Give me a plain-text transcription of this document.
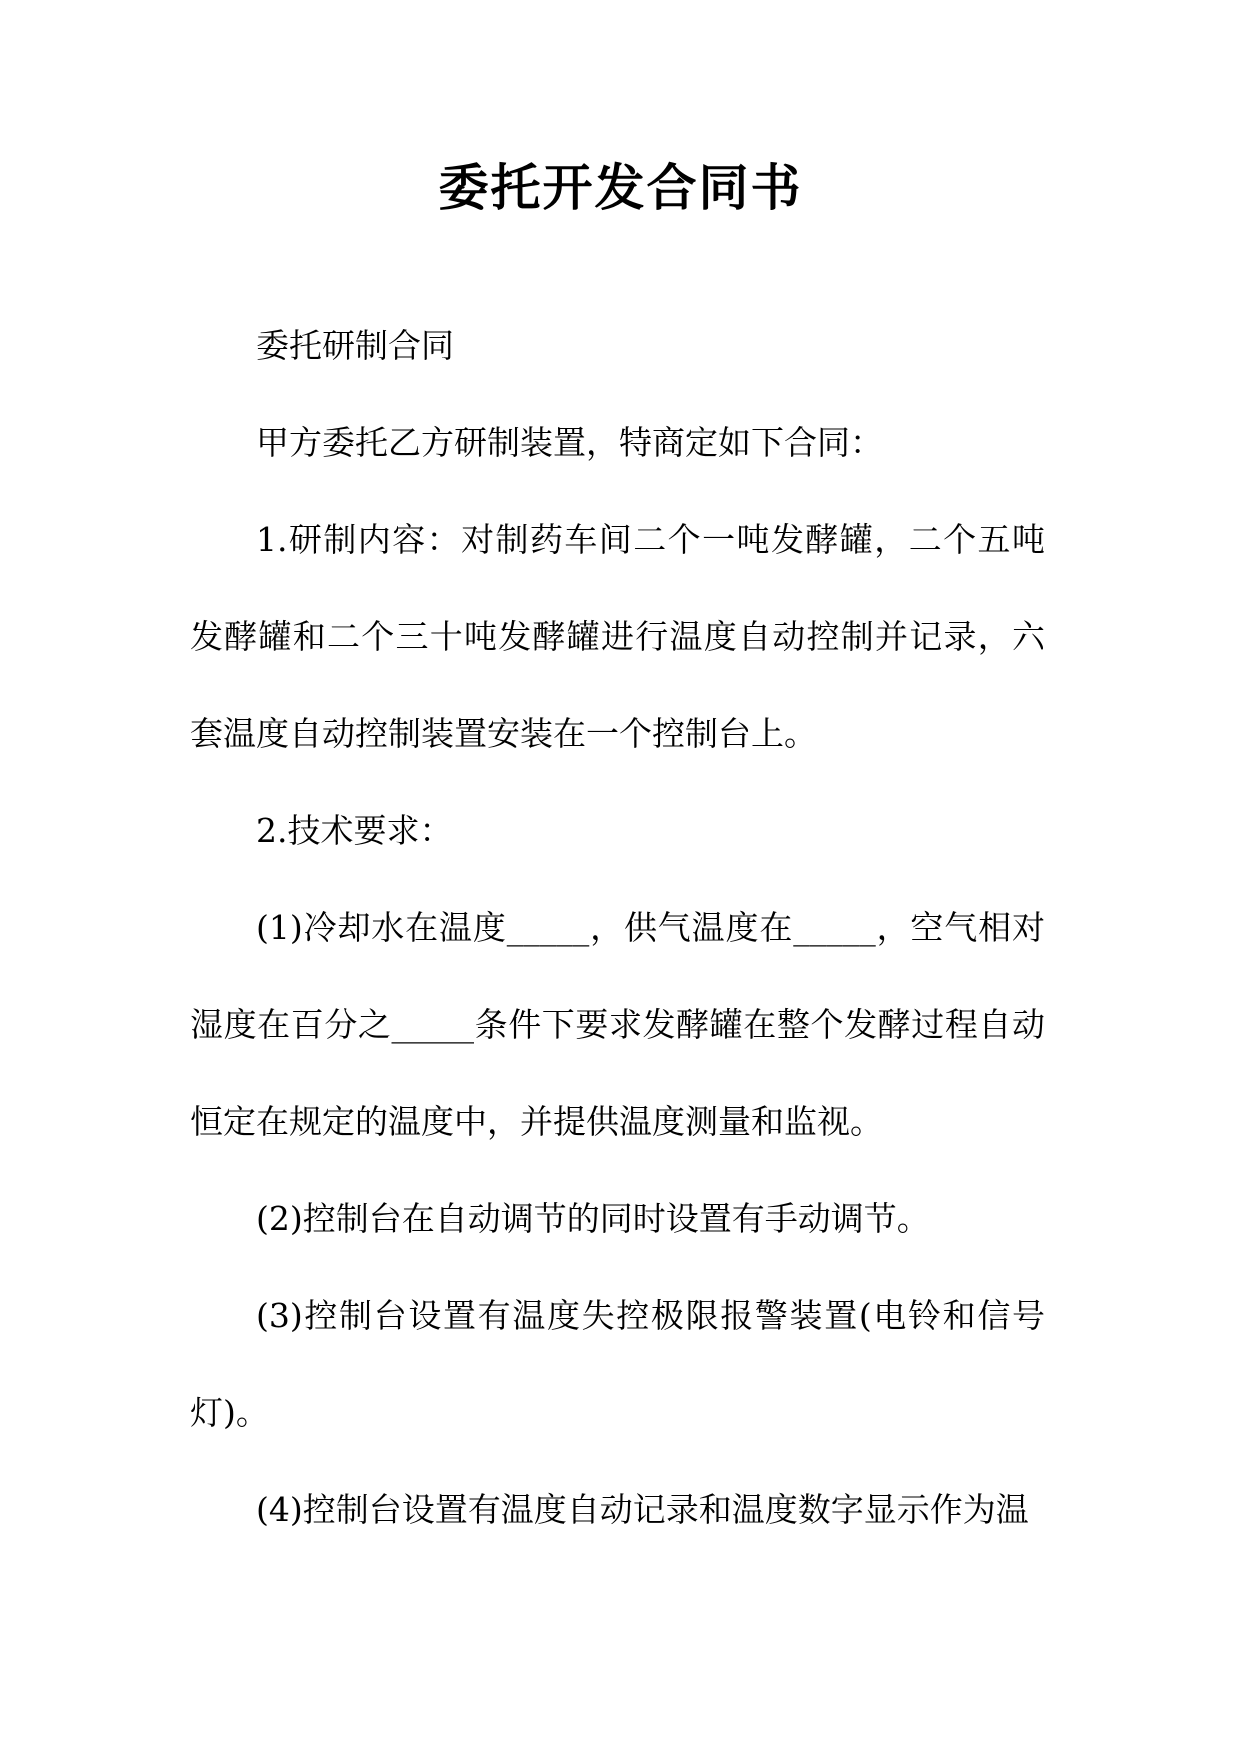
委托开发合同书

委托研制合同

甲方委托乙方研制装置，特商定如下合同：

1.研制内容：对制药车间二个一吨发酵罐，二个五吨发酵罐和二个三十吨发酵罐进行温度自动控制并记录，六套温度自动控制装置安装在一个控制台上。

2.技术要求：

(1)冷却水在温度_____，供气温度在_____，空气相对湿度在百分之_____条件下要求发酵罐在整个发酵过程自动恒定在规定的温度中，并提供温度测量和监视。

(2)控制台在自动调节的同时设置有手动调节。

(3)控制台设置有温度失控极限报警装置(电铃和信号灯)。

(4)控制台设置有温度自动记录和温度数字显示作为温
